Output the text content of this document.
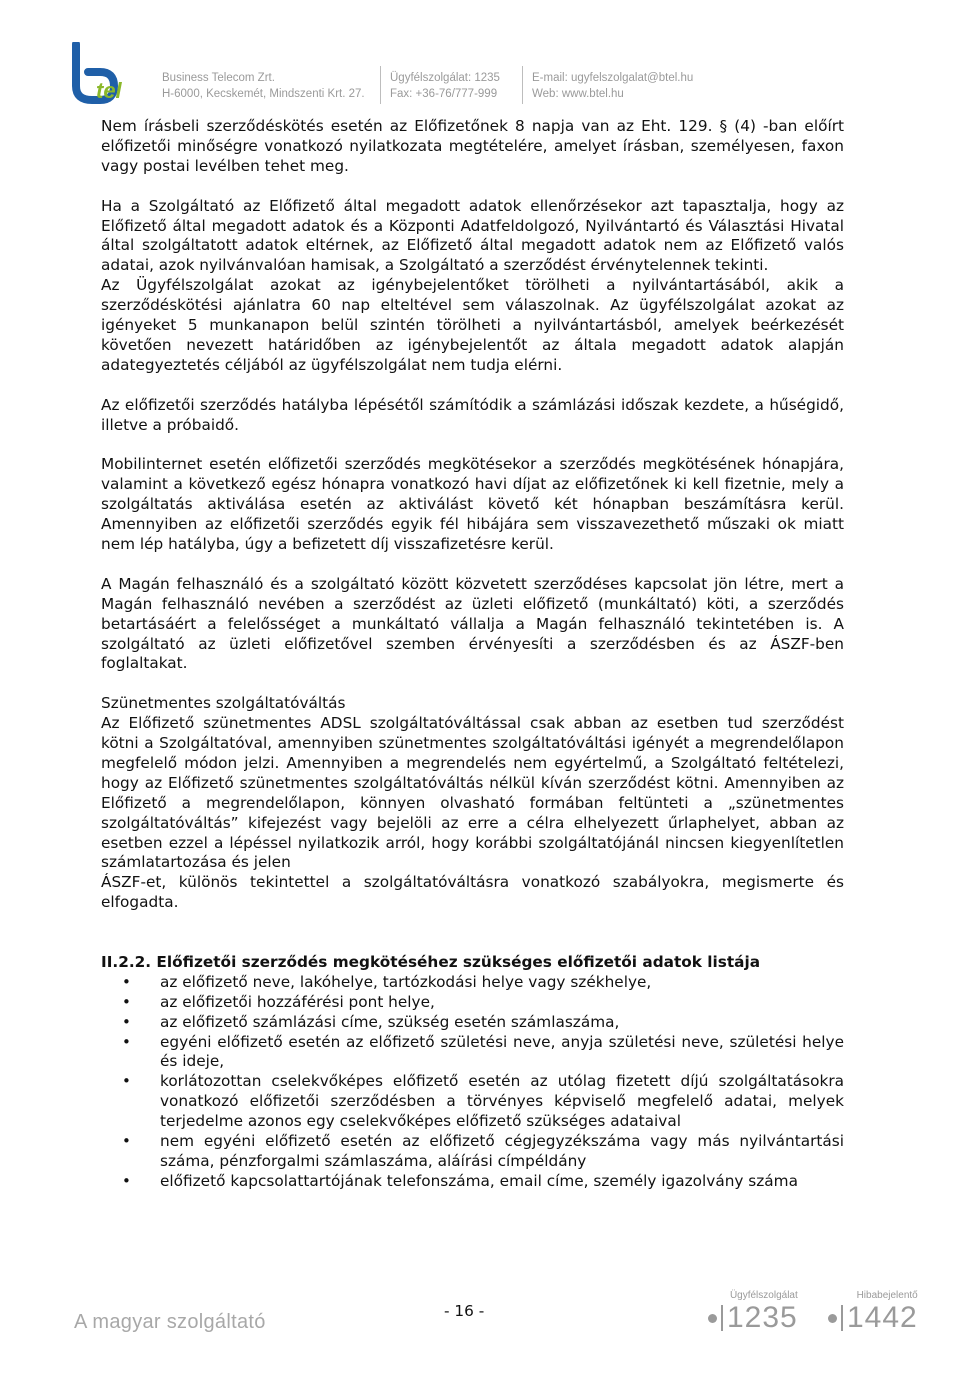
tel	Business Telecom Zrt.
H-6000, Kecskemét, Mindszenti Krt. 27.
Ügyfélszolgálat: 1235
Fax: +36-76/777-999
E-mail: ugyfelszolgalat@btel.hu
Web: www.btel.hu

Nem írásbeli szerződéskötés esetén az Előfizetőnek 8 napja van az Eht. 129. § (4) -ban előírt előfizetői minőségre vonatkozó nyilatkozata megtételére, amelyet írásban, személyesen, faxon vagy postai levélben tehet meg.

Ha a Szolgáltató az Előfizető által megadott adatok ellenőrzésekor azt tapasztalja, hogy az Előfizető által megadott adatok és a Központi Adatfeldolgozó, Nyilvántartó és Választási Hivatal által szolgáltatott adatok eltérnek, az Előfizető által megadott adatok nem az Előfizető valós adatai, azok nyilvánvalóan hamisak, a Szolgáltató a szerződést érvénytelennek tekinti.

Az Ügyfélszolgálat azokat az igénybejelentőket törölheti a nyilvántartásából, akik a szerződéskötési ajánlatra 60 nap elteltével sem válaszolnak. Az ügyfélszolgálat azokat az igényeket 5 munkanapon belül szintén törölheti a nyilvántartásból, amelyek beérkezését követően nevezett határidőben az igénybejelentőt az általa megadott adatok alapján adategyeztetés céljából az ügyfélszolgálat nem tudja elérni.

Az előfizetői szerződés hatályba lépésétől számítódik a számlázási időszak kezdete, a hűségidő, illetve a próbaidő.

Mobilinternet esetén előfizetői szerződés megkötésekor a szerződés megkötésének hónapjára, valamint a következő egész hónapra vonatkozó havi díjat az előfizetőnek ki kell fizetnie, mely a szolgáltatás aktiválása esetén az aktiválást követő két hónapban beszámításra kerül. Amennyiben az előfizetői szerződés egyik fél hibájára sem visszavezethető műszaki ok miatt nem lép hatályba, úgy a befizetett díj visszafizetésre kerül.

A Magán felhasználó és a szolgáltató között közvetett szerződéses kapcsolat jön létre, mert a Magán felhasználó nevében a szerződést az üzleti előfizető (munkáltató) köti, a szerződés betartásáért a felelősséget a munkáltató vállalja a Magán felhasználó tekintetében is. A szolgáltató az üzleti előfizetővel szemben érvényesíti a szerződésben és az ÁSZF-ben foglaltakat.

Szünetmentes szolgáltatóváltás

Az Előfizető szünetmentes ADSL szolgáltatóváltással csak abban az esetben tud szerződést kötni a Szolgáltatóval, amennyiben szünetmentes szolgáltatóváltási igényét a megrendelőlapon megfelelő módon jelzi. Amennyiben a megrendelés nem egyértelmű, a Szolgáltató feltételezi, hogy az Előfizető szünetmentes szolgáltatóváltás nélkül kíván szerződést kötni. Amennyiben az Előfizető a megrendelőlapon, könnyen olvasható formában feltünteti a „szünetmentes szolgáltatóváltás” kifejezést vagy bejelöli az erre a célra elhelyezett űrlaphelyet, abban az esetben ezzel a lépéssel nyilatkozik arról, hogy korábbi szolgáltatójánál nincsen kiegyenlítetlen számlatartozása és jelen

ÁSZF-et, különös tekintettel a szolgáltatóváltásra vonatkozó szabályokra, megismerte és elfogadta.

II.2.2. Előfizetői szerződés megkötéséhez szükséges előfizetői adatok listája

• az előfizető neve, lakóhelye, tartózkodási helye vagy székhelye,
• az előfizetői hozzáférési pont helye,
• az előfizető számlázási címe, szükség esetén számlaszáma,
• egyéni előfizető esetén az előfizető születési neve, anyja születési neve, születési helye és ideje,
• korlátozottan cselekvőképes előfizető esetén az utólag fizetett díjú szolgáltatásokra vonatkozó előfizetői szerződésben a törvényes képviselő megfelelő adatai, melyek terjedelme azonos egy cselekvőképes előfizető szükséges adataival
• nem egyéni előfizető esetén az előfizető cégjegyzékszáma vagy más nyilvántartási száma, pénzforgalmi számlaszáma, aláírási címpéldány
• előfizető kapcsolattartójának telefonszáma, email címe, személy igazolvány száma
A magyar szolgáltató	- 16 -
Ügyfélszolgálat
1235
Hibabejelentő
1442
